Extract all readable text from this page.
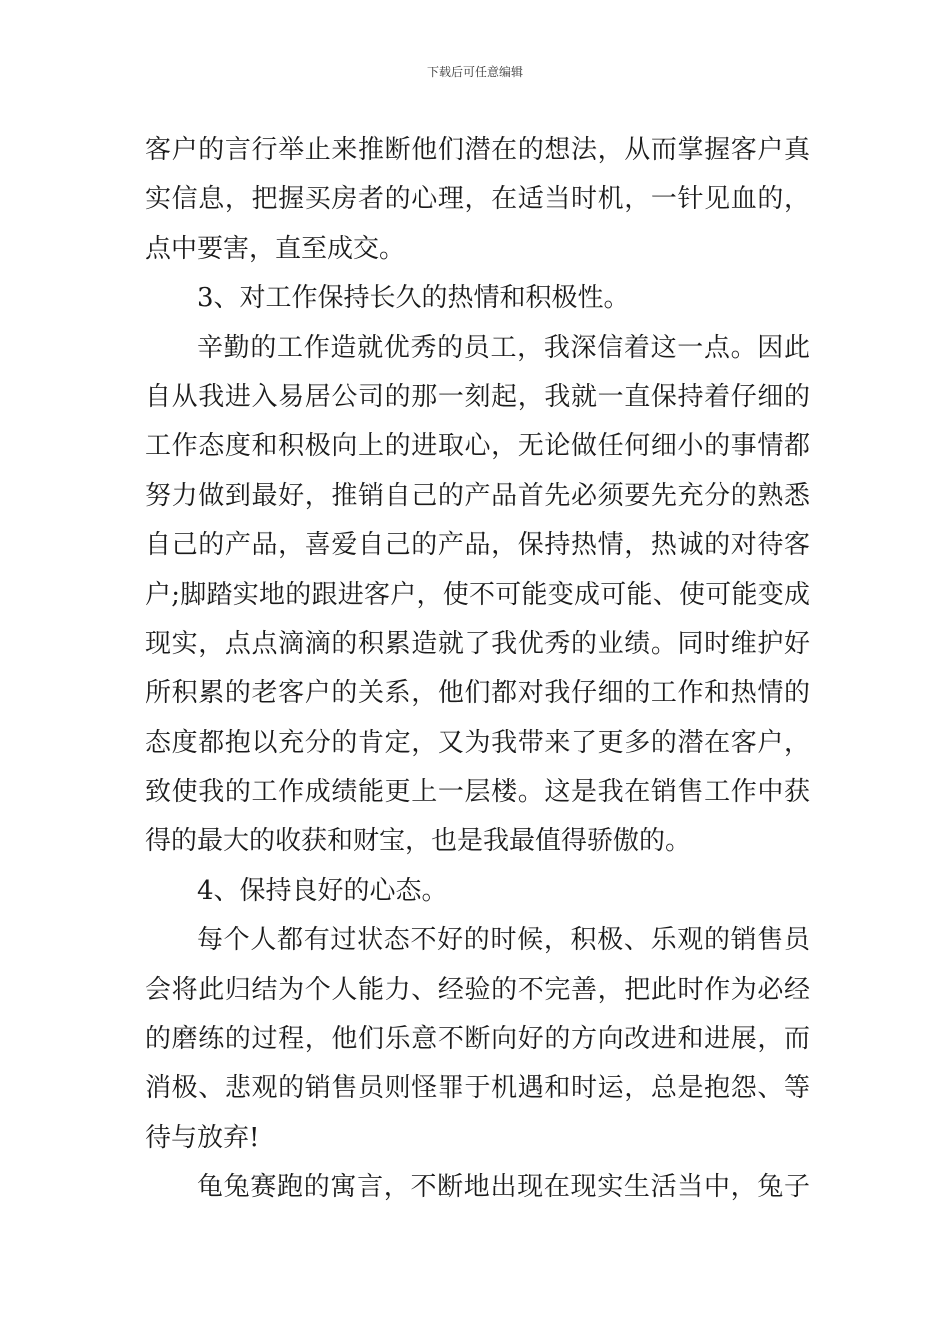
下载后可任意编辑
客户的言行举止来推断他们潜在的想法，从而掌握客户真
实信息，把握买房者的心理，在适当时机，一针见血的，
点中要害，直至成交。
3、对工作保持长久的热情和积极性。
辛勤的工作造就优秀的员工，我深信着这一点。因此
自从我进入易居公司的那一刻起，我就一直保持着仔细的
工作态度和积极向上的进取心，无论做任何细小的事情都
努力做到最好，推销自己的产品首先必须要先充分的熟悉
自己的产品，喜爱自己的产品，保持热情，热诚的对待客
户;脚踏实地的跟进客户，使不可能变成可能、使可能变成
现实，点点滴滴的积累造就了我优秀的业绩。同时维护好
所积累的老客户的关系，他们都对我仔细的工作和热情的
态度都抱以充分的肯定，又为我带来了更多的潜在客户，
致使我的工作成绩能更上一层楼。这是我在销售工作中获
得的最大的收获和财宝，也是我最值得骄傲的。
4、保持良好的心态。
每个人都有过状态不好的时候，积极、乐观的销售员
会将此归结为个人能力、经验的不完善，把此时作为必经
的磨练的过程，他们乐意不断向好的方向改进和进展，而
消极、悲观的销售员则怪罪于机遇和时运，总是抱怨、等
待与放弃!
龟兔赛跑的寓言，不断地出现在现实生活当中，兔子
